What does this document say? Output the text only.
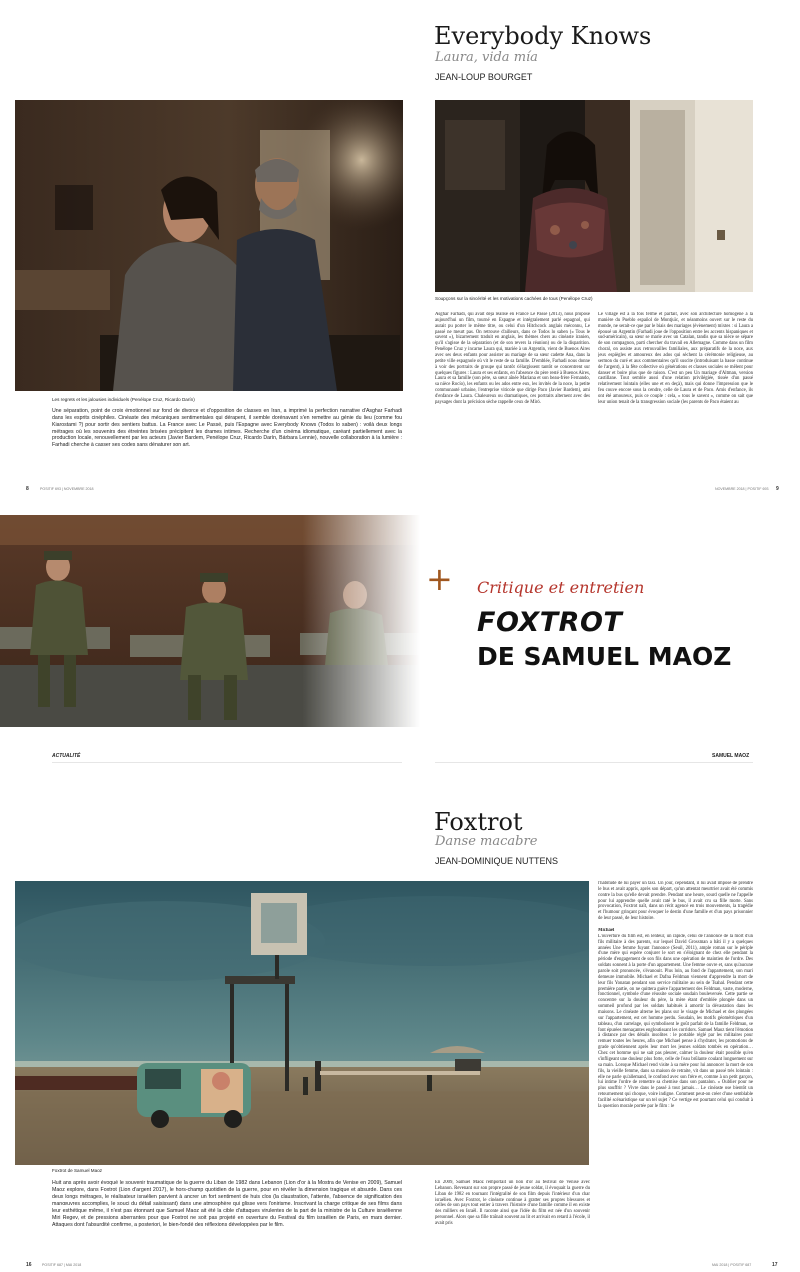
Les regrets et les jalousies individuels (Penélope Cruz, Ricardo Darín)
Une séparation, point de croix émotionnel sur fond de divorce et d'opposition de classes en Iran, a imprimé la perfection narrative d'Asghar Farhadi dans les esprits cinéphiles. Cinéaste des mécaniques sentimentales qui dérapent, il semble dorénavant s'en remettre au génie du lieu (comme fou Kiarostami ?) pour sortir des sentiers battus. La France avec Le Passé, puis l'Espagne avec Everybody Knows (Todos lo saben) : voilà deux longs métrages où les souvenirs des étreintes brisées précipitent les drames intimes. Recherche d'un cinéma idiomatique, caréant partiellement avec la production locale, renouvellement par les acteurs (Javier Bardem, Penélope Cruz, Ricardo Darín, Bárbara Lennie), nouvelle collaboration à la lumière : Farhadi cherche à casser ses codes sans dénaturer son art.
8	POSITIF 693 | NOVEMBRE 2018
Everybody Knows
Laura, vida mía
JEAN-LOUP BOURGET
Soupçons sur la sincérité et les motivations cachées de tous (Penélope Cruz)
Asghar Farhadi, qui avait déjà réalisé en France Le Passé (2013), nous propose aujourd'hui un film, tourné en Espagne et intégralement parlé espagnol, qui aurait pu porter le même titre, ou celui d'un Hitchcock anglais méconnu, Le passé ne meurt pas. On retrouve d'ailleurs, dans ce Todos lo saben (« Tous le savent »), bizarrement traduit en anglais, les thèmes chers au cinéaste iranien, qu'il s'agisse de la séparation (et de son revers la réunion) ou de la disparition. Penélope Cruz y incarne Laura qui, mariée à un Argentin, vient de Buenos Aires avec ses deux enfants pour assister au mariage de sa sœur cadette Ana, dans la petite ville espagnole où vit le reste de sa famille. D'emblée, Farhadi nous donne à voir des portraits de groupe qui tantôt s'élargissent tantôt se concentrent sur quelques figures : Laura et ses enfants, en l'absence du père resté à Buenos Aires, Laura et sa famille (son père, sa sœur aînée Mariana et son beau-frère Fernando, sa nièce Rocío), les enfants ou les ados entre eux, les invités de la noce, la petite communauté urbaine, l'entreprise viticole que dirige Paco (Javier Bardem), ami d'enfance de Laura. Chaleureux ou dramatiques, ces portraits alternent avec des paysages dont la précision sèche rappelle ceux de Miró.
Le village est à la fois fermé et parfait, avec son architecture homogène à la manière du Pueblo español de Montjuïc, et néanmoins ouvert sur le reste du monde, ne serait-ce que par le biais des mariages (évènement) mixtes : si Laura a épousé un Argentin (Farhadi joue de l'opposition entre les accents hispaniques et sud-américain), sa sœur se marie avec un Catalan, tandis que sa nièce se sépare de son compagnon, parti chercher du travail en Allemagne. Comme dans un film choral, on assiste aux retrouvailles familiales, aux préparatifs de la noce, aux jeux espiègles et amoureux des ados qui sèchent la cérémonie religieuse, au sermon du curé et aux commentaires qu'il suscite (introduisant la basse continue de l'argent), à la fête collective où générations et classes sociales se mêlent pour danser et boire plus que de raison. C'est un peu Un mariage d'Altman, version castillane. Tout semble aussi d'une relation privilégiée, tissée d'un passé relativement lointain (elles une et en deçà), mais qui donne l'impression que le feu couve encore sous la cendre, celle de Laura et de Paco. Amis d'enfance, ils ont été amoureux, puis ce couple : cela, « tous le savent », comme on sait que leur union tenait de la transgression sociale (les parents de Paco étaient au
NOVEMBRE 2018 | POSITIF 693 9
+ Critique et entretien
FOXTROT
DE SAMUEL MAOZ
ACTUALITÉ	SAMUEL MAOZ
Foxtrot
Danse macabre
JEAN-DOMINIQUE NUTTENS
Foxtrot de Samuel Maoz
Huit ans après avoir évoqué le souvenir traumatique de la guerre du Liban de 1982 dans Lebanon (Lion d'or à la Mostra de Venise en 2009), Samuel Maoz explore, dans Foxtrot (Lion d'argent 2017), le hors-champ quotidien de la guerre, pour en révéler la dimension tragique et absurde. Dans ces deux longs métrages, le réalisateur israélien parvient à ancrer un fort sentiment de huis clos (la claustration, l'attente, l'absence de signification des manœuvres accomplies, le souci du détail saisissant) dans une atmosphère qui glisse vers l'onirisme. Inscrivant la charge critique de ses films dans leur esthétique même, il n'est pas étonnant que Samuel Maoz ait été la cible d'attaques virulentes de la part de la ministre de la Culture israélienne Miri Regev, et de pressions aberrantes pour que Foxtrot ne soit pas projeté en ouverture du Festival du film israélien de Paris, en mars dernier. Attaques dont l'absurdité confirme, a posteriori, le bien-fondé des réflexions développées par le film.
En 2009, Samuel Maoz remportait un lion d'or au festival de Venise avec Lebanon. Revenant sur son propre passé de jeune soldat, il évoquait la guerre du Liban de 1982 en tournant l'intégralité de son film depuis l'intérieur d'un char israélien. Avec Foxtrot, le cinéaste continue à gratter ses propres blessures et celles de son pays tout entier à travers l'histoire d'une famille comme il en existe des milliers en Israël. Il raconte ainsi que l'idée du film est née d'un souvenir personnel. Alors que sa fille traînait souvent au lit et arrivait en retard à l'école, il avait pris
l'habitude de lui payer un taxi. Un jour, cependant, il lui avait imposé de prendre le bus et avait appris, après son départ, qu'un attentat meurtrier avait été commis contre la bus qu'elle devait prendre. Pendant une heure, sourd quelle ne l'appelle pour lui apprendre quelle avait raté le bus, il avait cru sa fille morte. Sans provocation, Foxtrot naît, dans un récit agencé en trois mouvements, la tragédie et l'humour grinçant pour évoquer le destin d'une famille et d'un pays prisonnier de leur passé, de leur histoire.
Michael
L'ouverture du film est, en lenteur, un rapide, celui de l'annonce de la mort d'un fils militaire à des parents, sur lequel David Grossman a bâti il y a quelques années Une femme fuyant l'annonce (Seuil, 2011), ample roman sur le périple d'une mère qui espère conjurer le sort en s'éloignant de chez elle pendant la période d'engagement de son fils dans une opération de maintien de l'ordre. Des soldats sonnent à la porte d'un appartement. Une femme ouvre et, sans qu'aucune parole soit prononcée, s'évanouit. Plus loin, au fond de l'appartement, son mari demeure immobile. Michael et Dafna Feldman viennent d'apprendre la mort de leur fils Yonatan pendant son service militaire au sein de Tsahal. Pendant cette première partie, on ne quittera guère l'appartement des Feldman, vaste, moderne, fonctionnel, symbole d'une réussite sociale soudain bouleversée. Cette partie se concentre sur la douleur du père, la mère étant d'emblée plongée dans un sommeil profond par les soldats habitués à amortir la dévastation dans les maisons. Le cinéaste alterne les plans sur le visage de Michael et des plongées sur l'appartement, est cet homme perdu. Soudain, les motifs géométriques d'un tableau, d'un carrelage, qui symbolisent le goût parfait de la famille Feldman, se font épurées menaçantes engloutissant les corridors. Samuel Maoz tient l'émotion à distance par des détails insolites : le portable réglé par les militaires pour remuer toutes les heures, afin que Michael pense à s'hydrater, les promotions de grade qu'obtiennent après leur mort les jeunes soldats tombés en opération… Chez cet homme qui ne sait pas pleurer, calmer la douleur était possible qu'en s'infligeant une douleur plus forte, celle de l'eau brûlante coulant longuement sur sa main. Lorsque Michael rend visite à sa mère pour lui annoncer la mort de son fils, la vieille femme, dans sa maison de retraite, vit dans un passé très lointain : elle ne parle qu'allemand, le confond avec son frère et, comme à un petit garçon, lui intime l'ordre de remettre sa chemise dans son pantalon. « Oublier pour ne plus souffrir ? Vivre dans le passé à tout jamais… Le cinéaste ose bientôt un retournement qui choque, voire indigne. Comment peut-on créer d'une semblable facilité scénaristique sur un tel sujet ? Ce vertige est pourtant celui qui conduit à la question morale portée par le film : le
16	POSITIF 687 | MAI 2018	MAI 2018 | POSITIF 687	17
